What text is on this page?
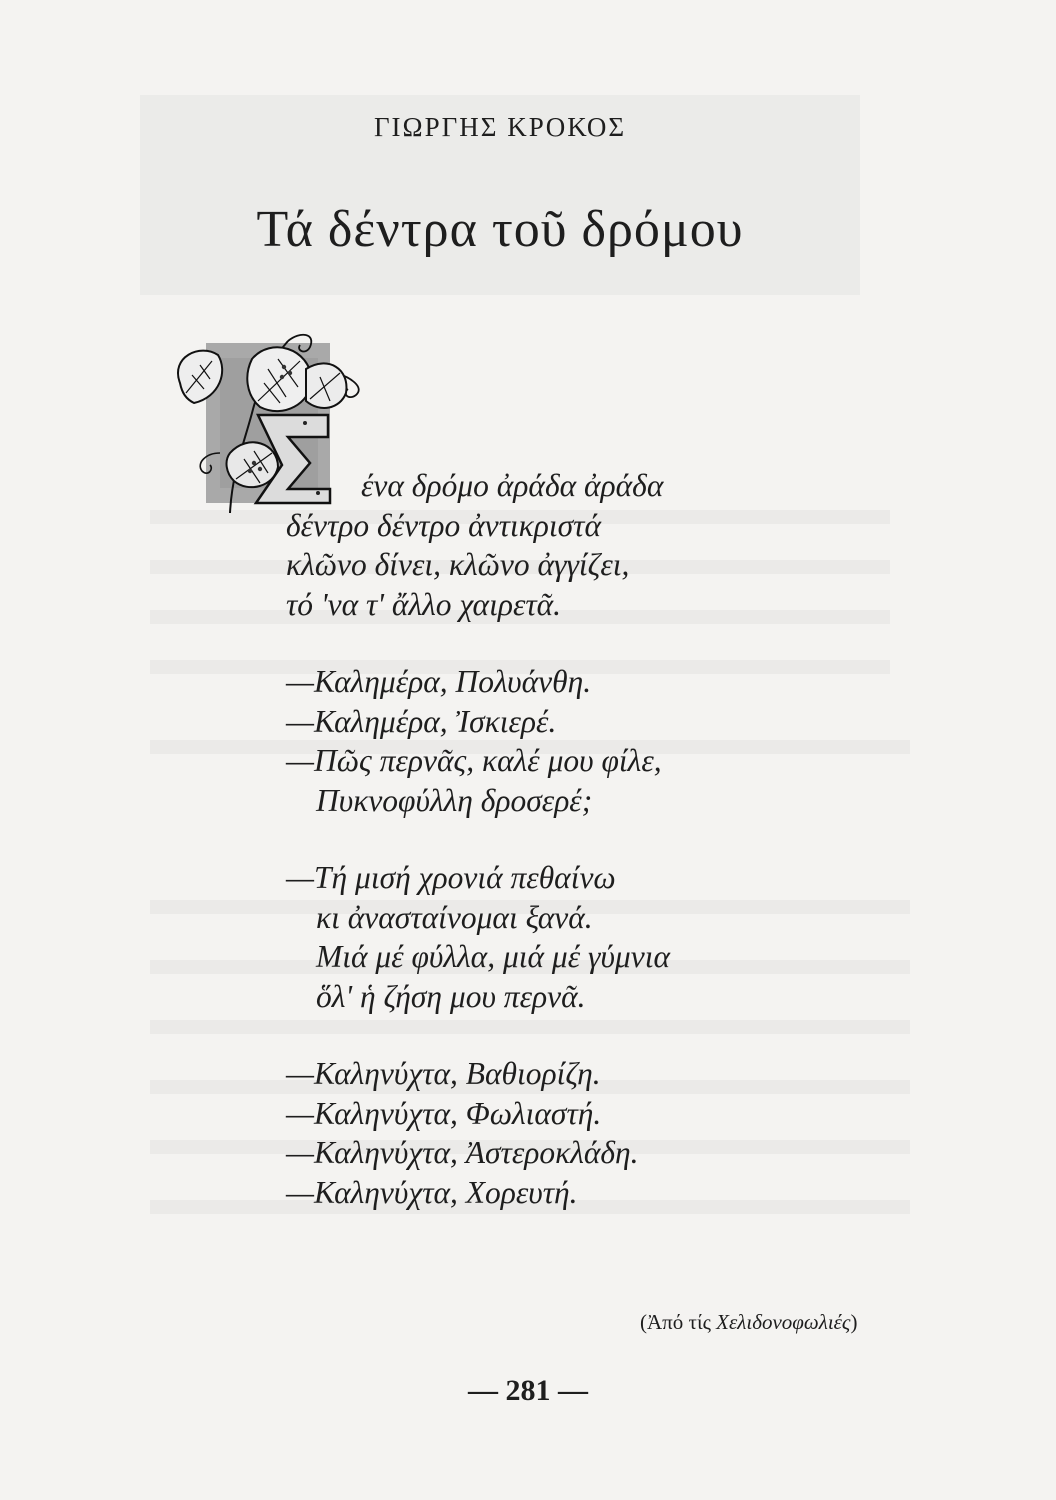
ΓΙΩΡΓΗΣ ΚΡΟΚΟΣ
Τά δέντρα τοῦ δρόμου
ένα δρόμο ἀράδα ἀράδα
δέντρο δέντρο ἀντικριστά
κλῶνο δίνει, κλῶνο ἀγγίζει,
τό 'να τ' ἄλλο χαιρετᾶ.
—Καλημέρα, Πολυάνθη.
—Καλημέρα, Ἰσκιερέ.
—Πῶς περνᾶς, καλέ μου φίλε,
Πυκνοφύλλη δροσερέ;
—Τή μισή χρονιά πεθαίνω
κι ἀνασταίνομαι ξανά.
Μιά μέ φύλλα, μιά μέ γύμνια
ὅλ' ἡ ζήση μου περνᾶ.
—Καληνύχτα, Βαθιορίζη.
—Καληνύχτα, Φωλιαστή.
—Καληνύχτα, Ἀστεροκλάδη.
—Καληνύχτα, Χορευτή.
(Ἀπό τίς Χελιδονοφωλιές)
— 281 —
